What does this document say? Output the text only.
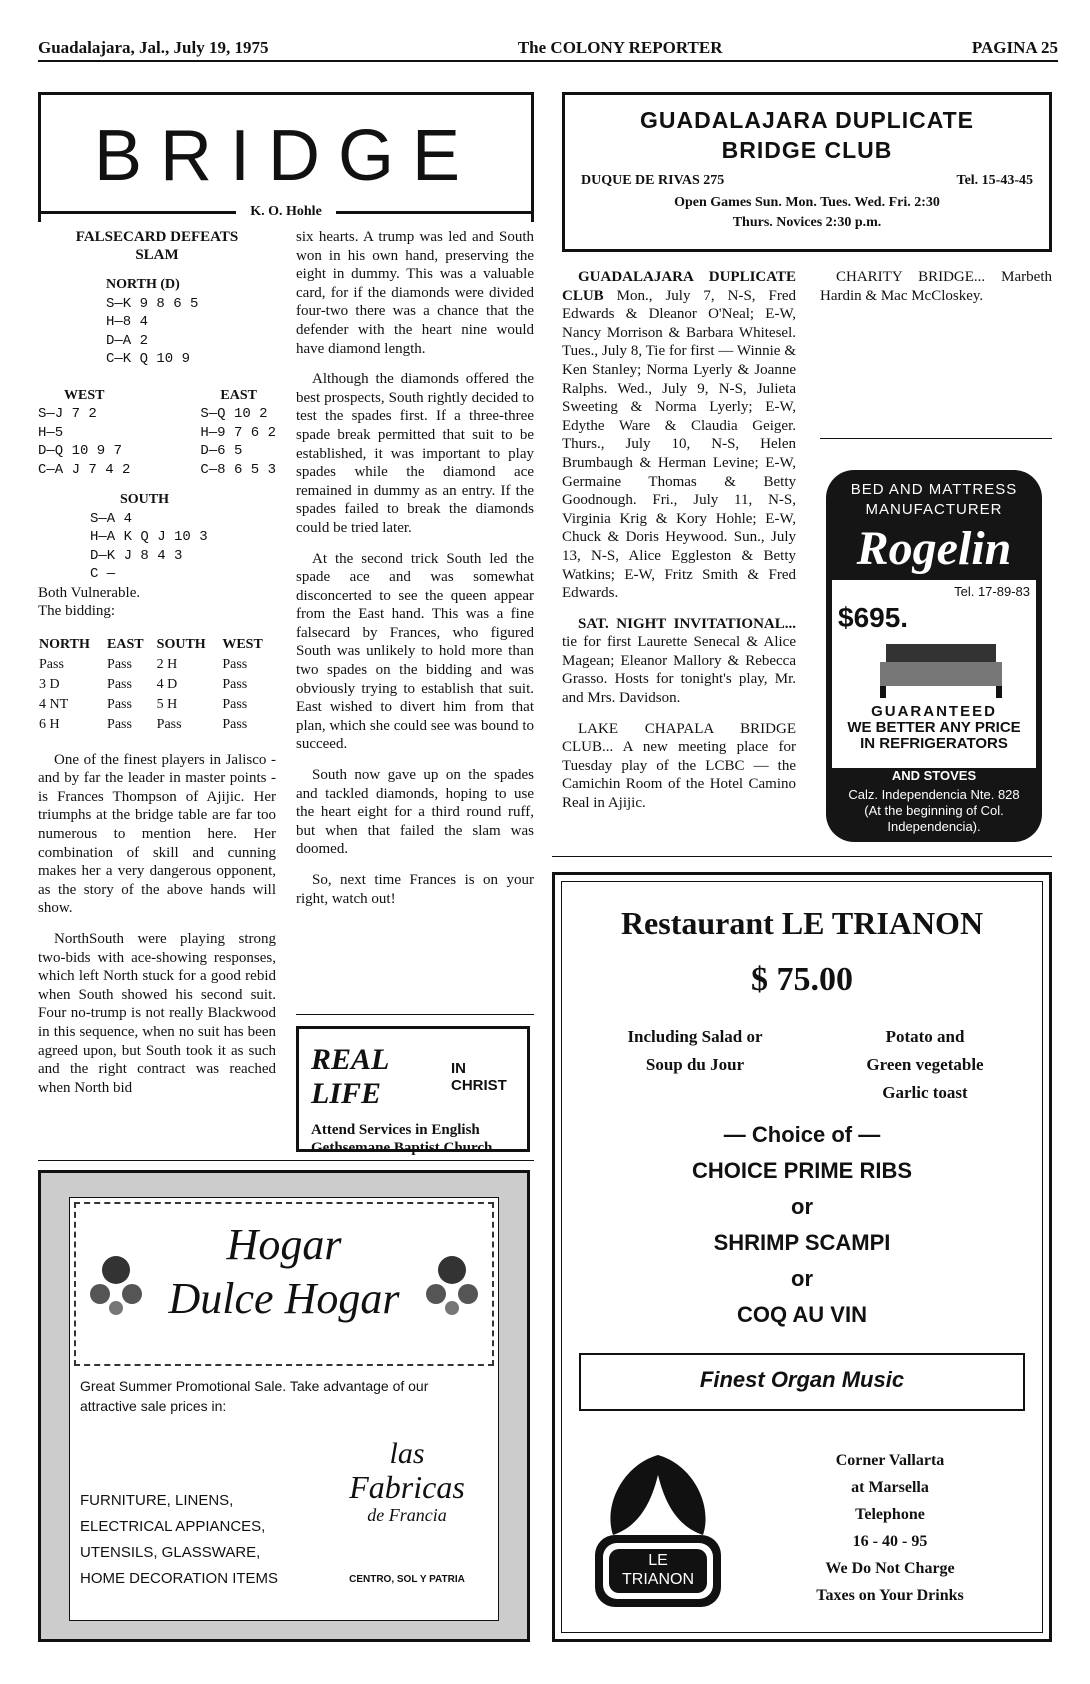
Guadalajara, Jal., July 19, 1975	The COLONY REPORTER	PAGINA 25
BRIDGE
K. O. Hohle
FALSECARD DEFEATS SLAM
NORTH (D)
S—K 9 8 6 5
H—8 4
D—A 2
C—K Q 10 9
WEST
S—J 7 2
H—5
D—Q 10 9 7
C—A J 7 4 2
EAST
S—Q 10 2
H—9 7 6 2
D—6 5
C—8 6 5 3
SOUTH
S—A 4
H—A K Q J 10 3
D—K J 8 4 3
C —
Both Vulnerable.
The bidding:
NORTH	EAST	SOUTH	WEST
Pass	Pass	2 H	Pass
3 D	Pass	4 D	Pass
4 NT	Pass	5 H	Pass
6 H	Pass	Pass	Pass

One of the finest players in Jalisco - and by far the leader in master points - is Frances Thompson of Ajijic. Her triumphs at the bridge table are far too numerous to mention here. Her combination of skill and cunning makes her a very dangerous opponent, as the story of the above hands will show.

NorthSouth were playing strong two-bids with ace-showing responses, which left North stuck for a good rebid when South showed his second suit. Four no-trump is not really Blackwood in this sequence, when no suit has been agreed upon, but South took it as such and the right contract was reached when North bid

six hearts. A trump was led and South won in his own hand, preserving the eight in dummy. This was a valuable card, for if the diamonds were divided four-two there was a chance that the defender with the heart nine would have diamond length.

Although the diamonds offered the best prospects, South rightly decided to test the spades first. If a three-three spade break permitted that suit to be established, it was important to play spades while the diamond ace remained in dummy as an entry. If the spades failed to break the diamonds could be tried later.

At the second trick South led the spade ace and was somewhat disconcerted to see the queen appear from the East hand. This was a fine falsecard by Frances, who figured South was unlikely to hold more than two spades on the bidding and was obviously trying to establish that suit. East wished to divert him from that plan, which she could see was bound to succeed.

South now gave up on the spades and tackled diamonds, hoping to use the heart eight for a third round ruff, but when that failed the slam was doomed.

So, next time Frances is on your right, watch out!

REAL LIFE
IN CHRIST
Attend Services in English
Gethsemane Baptist Church
GUADALAJARA DUPLICATE
BRIDGE CLUB
DUQUE DE RIVAS 275	Tel. 15-43-45
Open Games Sun. Mon. Tues. Wed. Fri. 2:30
Thurs. Novices 2:30 p.m.

GUADALAJARA DUPLICATE CLUB Mon., July 7, N-S, Fred Edwards & Dleanor O'Neal; E-W, Nancy Morrison & Barbara Whitesel. Tues., July 8, Tie for first — Winnie & Ken Stanley; Norma Lyerly & Joanne Ralphs. Wed., July 9, N-S, Julieta Sweeting & Norma Lyerly; E-W, Edythe Ware & Claudia Geiger. Thurs., July 10, N-S, Helen Brumbaugh & Herman Levine; E-W, Germaine Thomas & Betty Goodnough. Fri., July 11, N-S, Virginia Krig & Kory Hohle; E-W, Chuck & Doris Heywood. Sun., July 13, N-S, Alice Eggleston & Betty Watkins; E-W, Fritz Smith & Fred Edwards.

SAT. NIGHT INVITATIONAL... tie for first Laurette Senecal & Alice Magean; Eleanor Mallory & Rebecca Grasso. Hosts for tonight's play, Mr. and Mrs. Davidson.

LAKE CHAPALA BRIDGE CLUB... A new meeting place for Tuesday play of the LCBC — the Camichin Room of the Hotel Camino Real in Ajijic.

CHARITY BRIDGE... Marbeth Hardin & Mac McCloskey.

BED AND MATTRESS MANUFACTURER
Rogelin
Tel. 17-89-83
$695.
GUARANTEED
WE BETTER ANY PRICE
IN REFRIGERATORS
AND STOVES
Calz. Independencia Nte. 828
(At the beginning of Col.
Independencia).
Restaurant LE TRIANON
$ 75.00
Including Salad or
Soup du Jour
Potato and
Green vegetable
Garlic toast
— Choice of —
CHOICE PRIME RIBS
or
SHRIMP SCAMPI
or
COQ AU VIN
Finest Organ Music
LE
TRIANON
Corner Vallarta
at Marsella
Telephone
16 - 40 - 95
We Do Not Charge
Taxes on Your Drinks
Hogar
Dulce Hogar
Great Summer Promotional Sale. Take advantage of our attractive sale prices in:
FURNITURE, LINENS,
ELECTRICAL APPIANCES,
UTENSILS, GLASSWARE,
HOME DECORATION ITEMS
las
Fabricas
de Francia
CENTRO, SOL Y PATRIA
